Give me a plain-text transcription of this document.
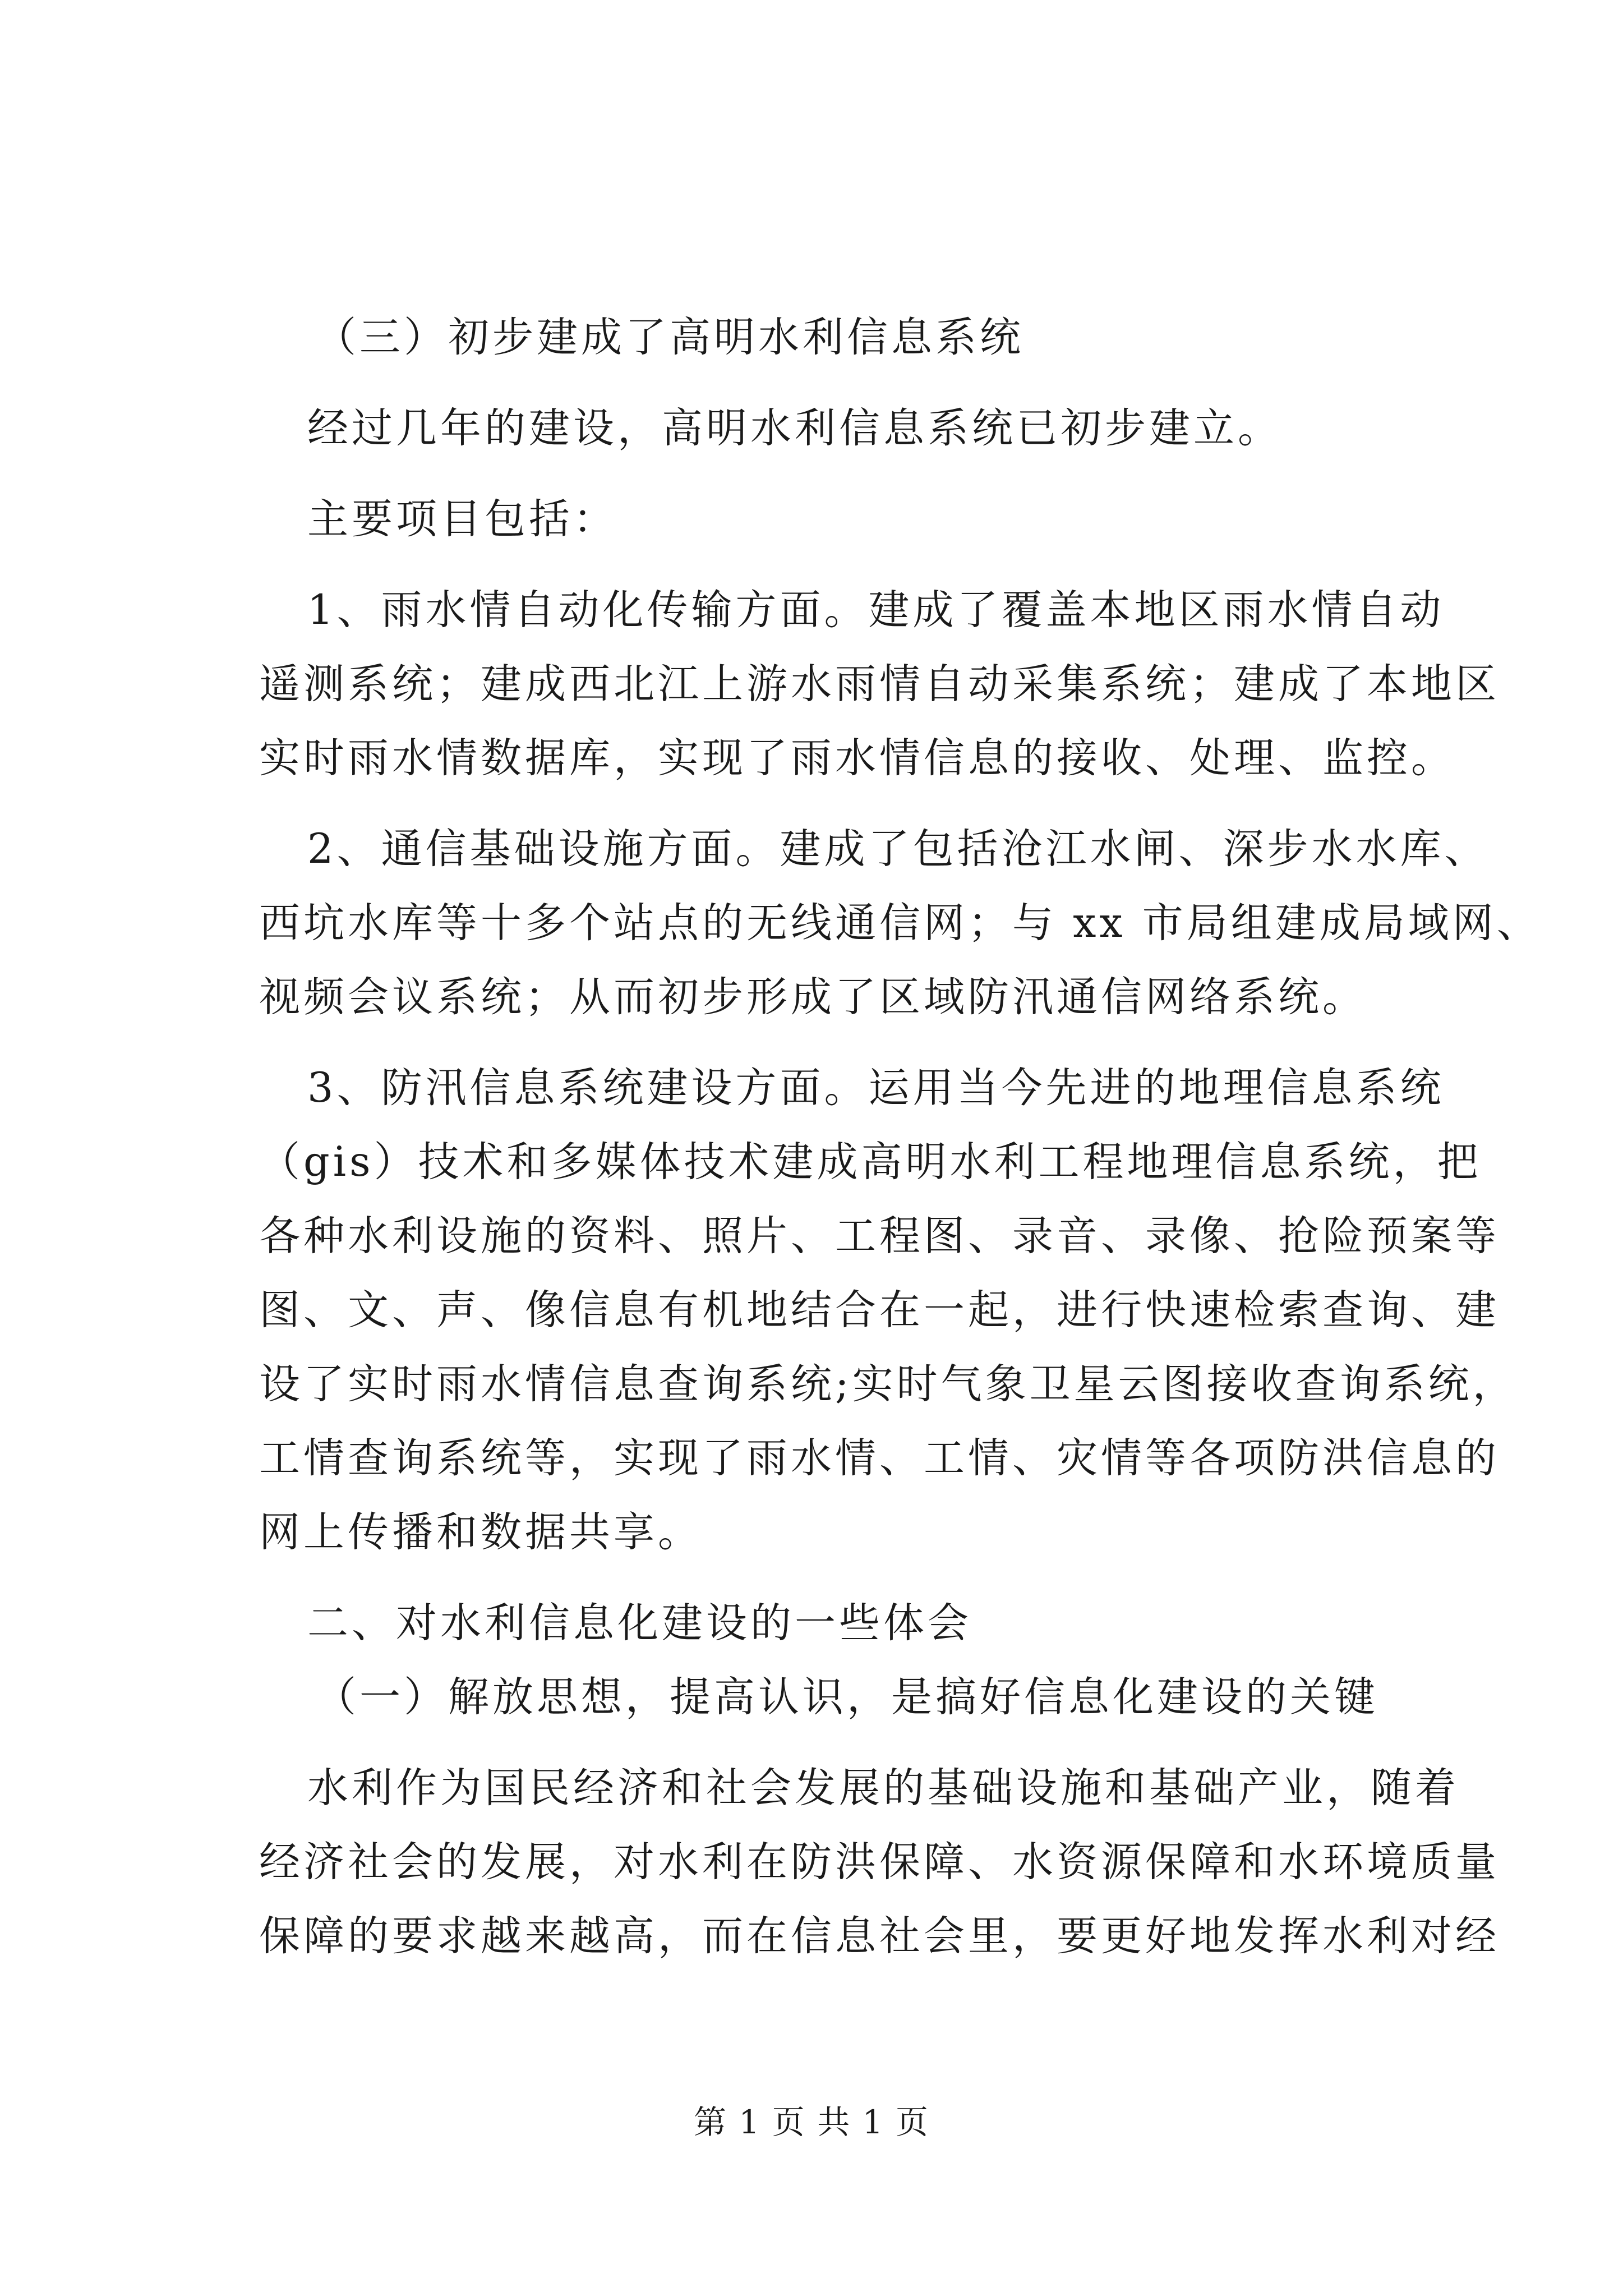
（三）初步建成了高明水利信息系统

经过几年的建设，高明水利信息系统已初步建立。

主要项目包括：

1、雨水情自动化传输方面。建成了覆盖本地区雨水情自动

遥测系统；建成西北江上游水雨情自动采集系统；建成了本地区

实时雨水情数据库，实现了雨水情信息的接收、处理、监控。

2、通信基础设施方面。建成了包括沧江水闸、深步水水库、

西坑水库等十多个站点的无线通信网；与 xx 市局组建成局域网、

视频会议系统；从而初步形成了区域防汛通信网络系统。

3、防汛信息系统建设方面。运用当今先进的地理信息系统

（gis）技术和多媒体技术建成高明水利工程地理信息系统，把

各种水利设施的资料、照片、工程图、录音、录像、抢险预案等

图、文、声、像信息有机地结合在一起，进行快速检索查询、建

设了实时雨水情信息查询系统;实时气象卫星云图接收查询系统，

工情查询系统等，实现了雨水情、工情、灾情等各项防洪信息的

网上传播和数据共享。

二、对水利信息化建设的一些体会

（一）解放思想，提高认识，是搞好信息化建设的关键

水利作为国民经济和社会发展的基础设施和基础产业，随着

经济社会的发展，对水利在防洪保障、水资源保障和水环境质量

保障的要求越来越高，而在信息社会里，要更好地发挥水利对经

第 1 页 共 1 页
